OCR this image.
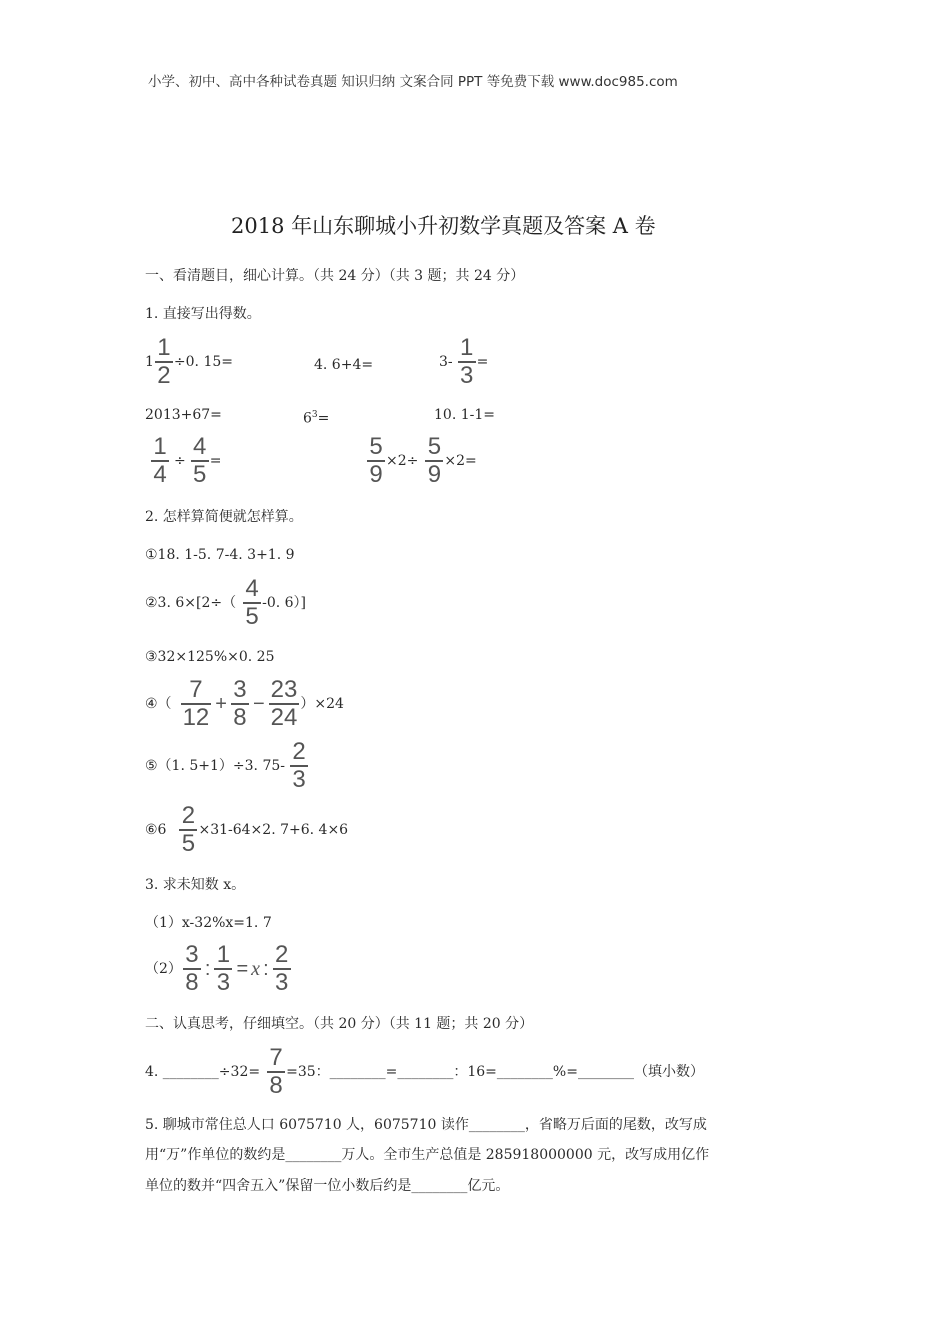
小学、初中、高中各种试卷真题 知识归纳 文案合同 PPT 等免费下载 www.doc985.com
2018 年山东聊城小升初数学真题及答案 A 卷
一、看清题目，细心计算。（共 24 分）（共 3 题；共 24 分）
1. 直接写出得数。
$1 \frac{1}{2} \div 0$. 15=	4. 6+4=	$3- \frac{1}{3}$ =
2013+67=	$6^3=$	10. 1-1=
$\frac{1}{4} \div \frac{4}{5}$ =	$\frac{5}{9} \times 2\div \frac{5}{9} \times 2=$
2. 怎样算简便就怎样算。
①18. 1-5. 7-4. 3+1. 9
②3. $6\times[2\div( \frac{4}{5} -0$. 6）]
③32×125%×0. 25
④（ $\frac{7}{12} + \frac{3}{8} - \frac{23}{24} )\times 24$
⑤（1. 5+1）÷3. $75- \frac{2}{3}$
⑥6 $\frac{2}{5} \times 31-64\times 2$. 7+6. 4×6
3. 求未知数 x。
（1）x-32%x=1. 7
$(2) \frac{3}{8}$ : $\frac{1}{3} = x$ : $\frac{2}{3}$
二、认真思考，仔细填空。（共 20 分）（共 11 题；共 20 分）
4. ________÷32= $\frac{7}{8} =35$：________=________：16=________%=________（填小数）
5. 聊城市常住总人口 6075710 人，6075710 读作________，省略万后面的尾数，改写成
用“万”作单位的数约是________万人。全市生产总值是 285918000000 元，改写成用亿作
单位的数并“四舍五入”保留一位小数后约是________亿元。
